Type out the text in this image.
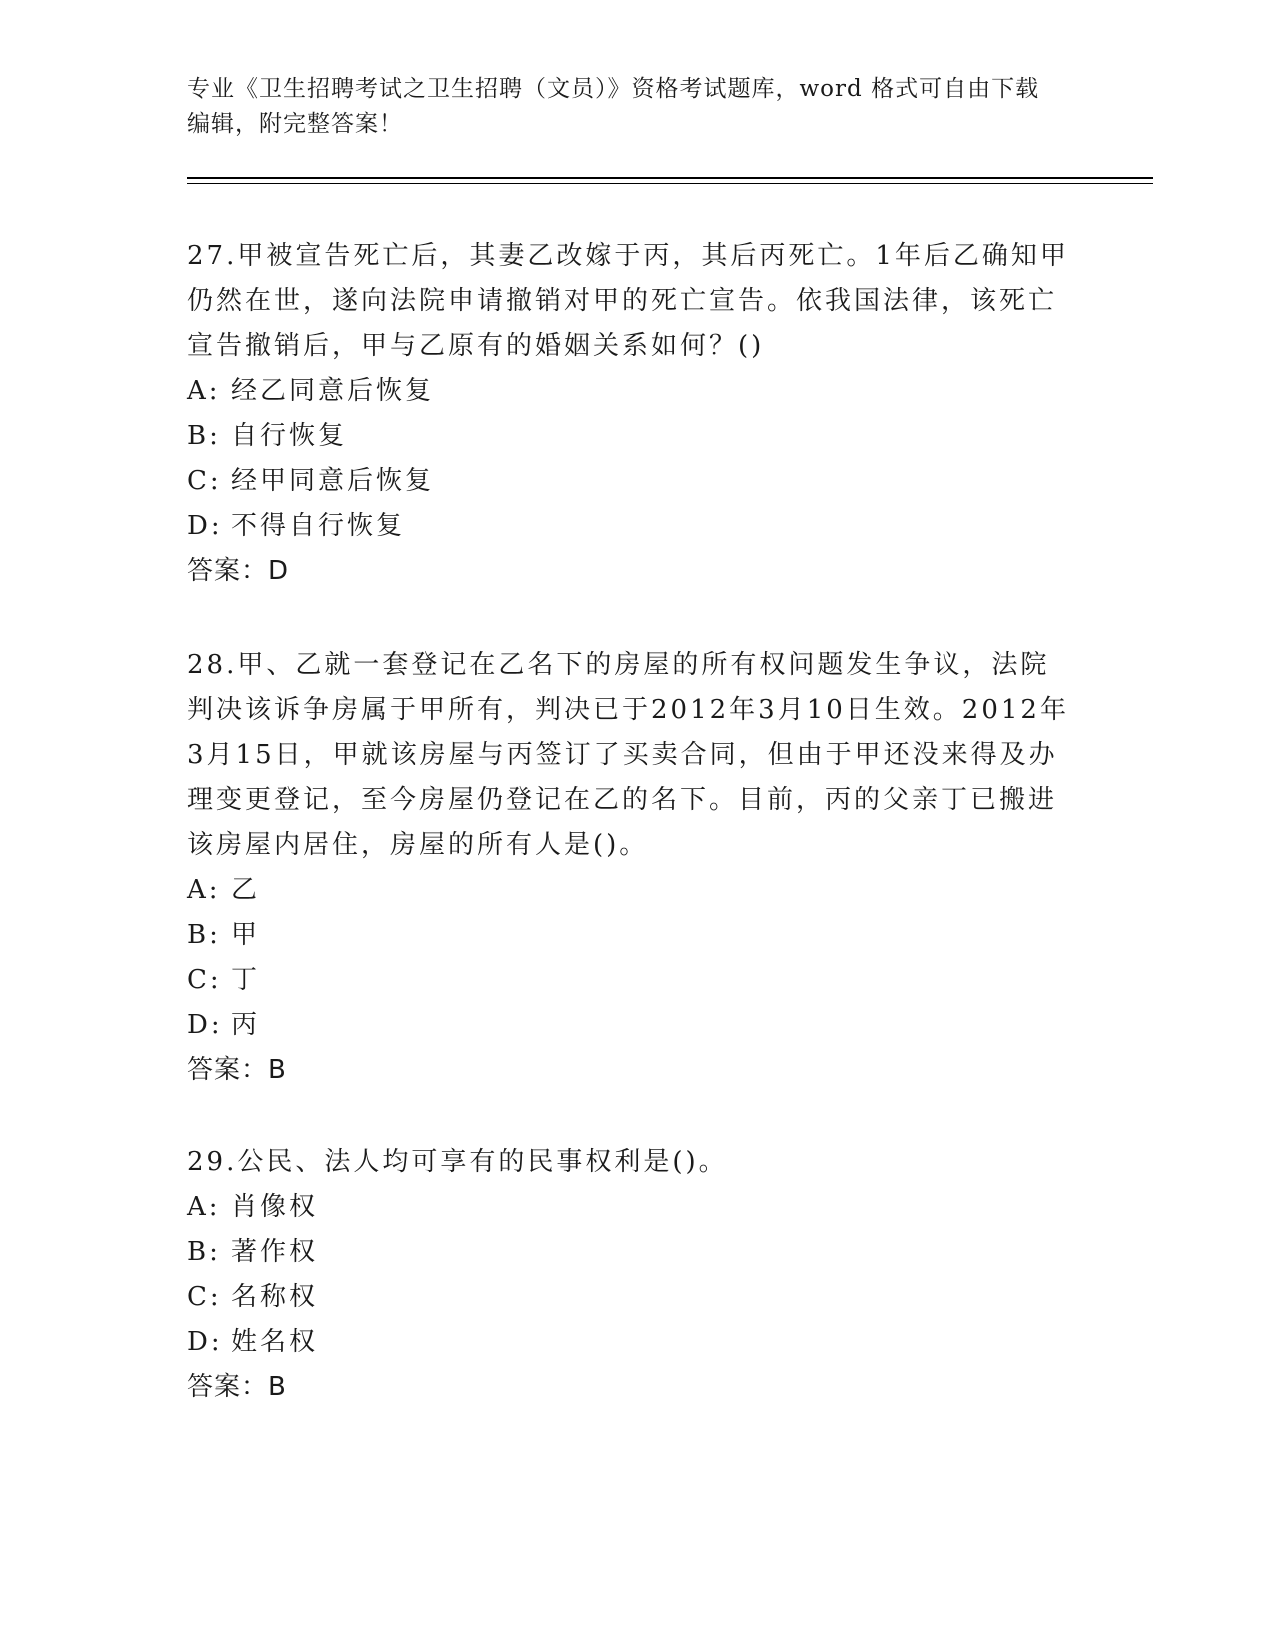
专业《卫生招聘考试之卫生招聘（文员）》资格考试题库，word 格式可自由下载
编辑，附完整答案！

27.甲被宣告死亡后，其妻乙改嫁于丙，其后丙死亡。1年后乙确知甲仍然在世，遂向法院申请撤销对甲的死亡宣告。依我国法律，该死亡宣告撤销后，甲与乙原有的婚姻关系如何？()

A: 经乙同意后恢复
B: 自行恢复
C: 经甲同意后恢复
D: 不得自行恢复
答案：D

28.甲、乙就一套登记在乙名下的房屋的所有权问题发生争议，法院判决该诉争房属于甲所有，判决已于2012年3月10日生效。2012年3月15日，甲就该房屋与丙签订了买卖合同，但由于甲还没来得及办理变更登记，至今房屋仍登记在乙的名下。目前，丙的父亲丁已搬进该房屋内居住，房屋的所有人是()。

A: 乙
B: 甲
C: 丁
D: 丙
答案：B

29.公民、法人均可享有的民事权利是()。

A: 肖像权
B: 著作权
C: 名称权
D: 姓名权
答案：B
